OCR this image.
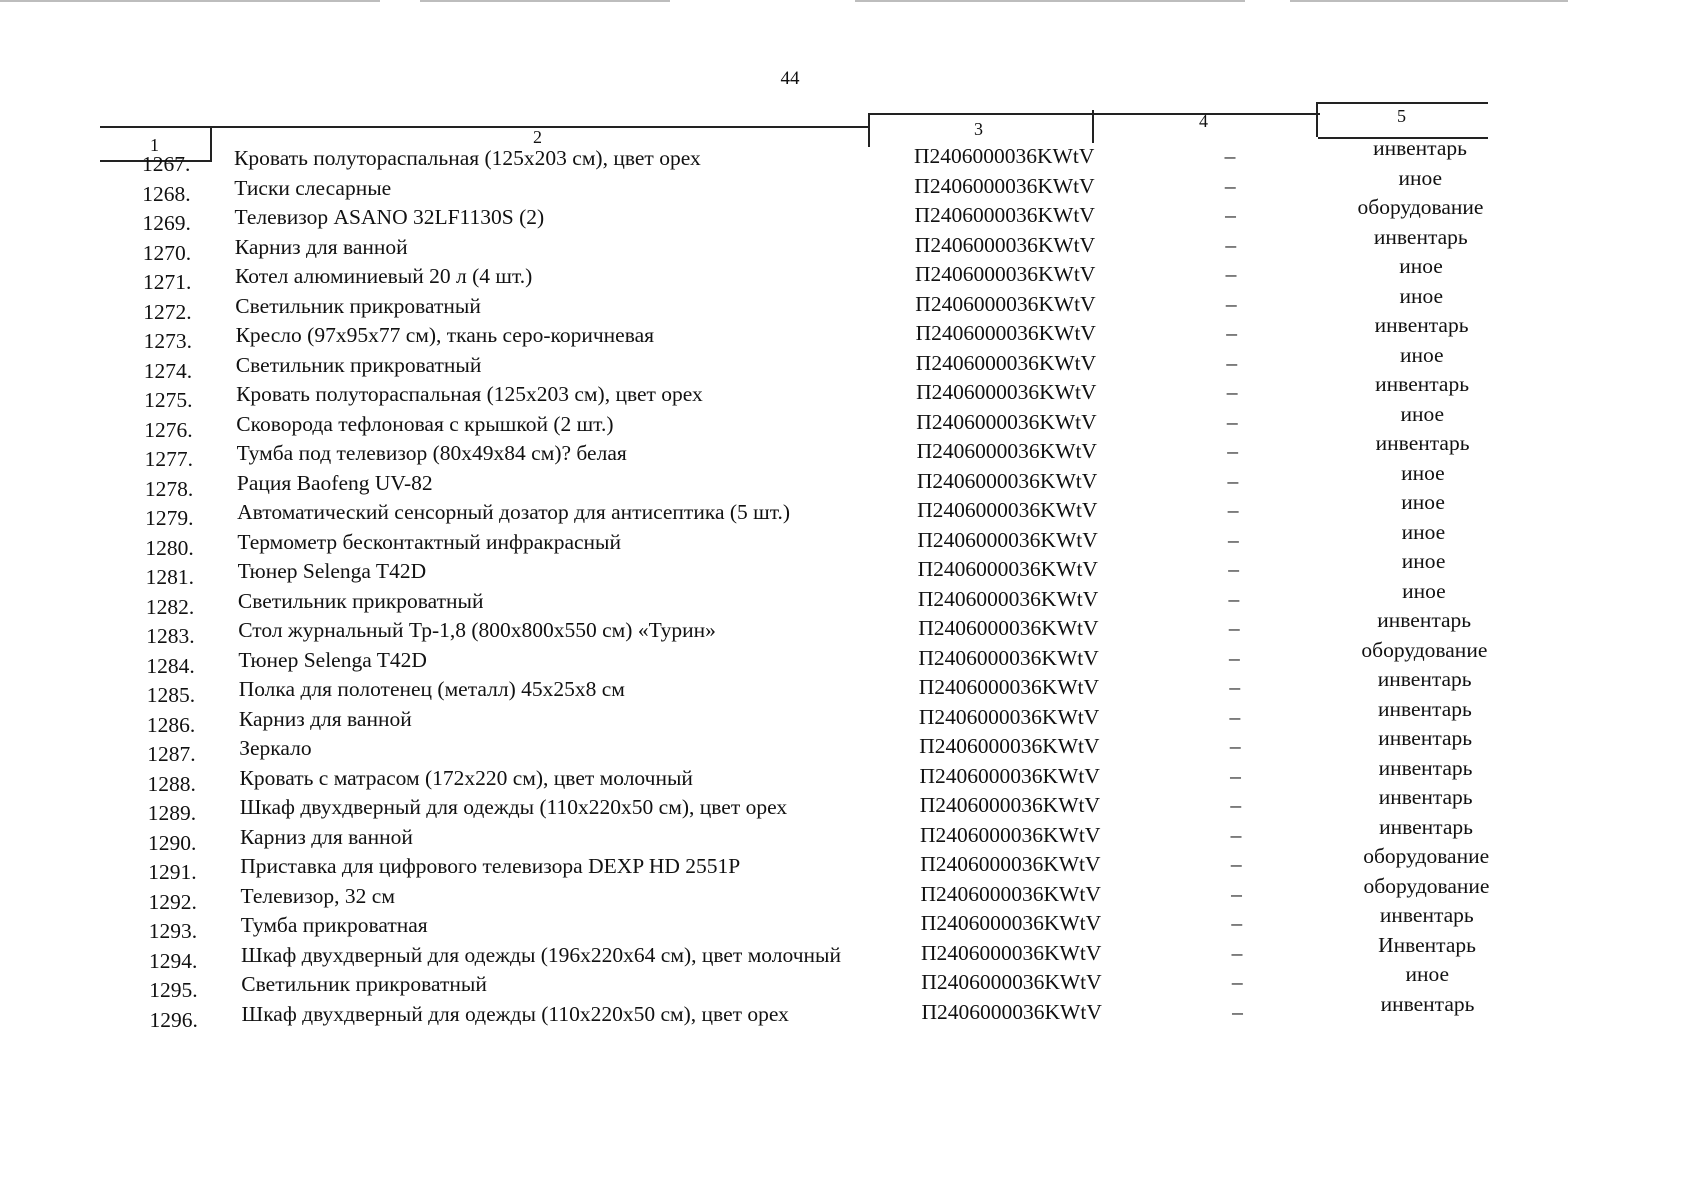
44
1	2	3	4	5
1267.	Кровать полутораспальная (125х203 см), цвет орех	П2406000036KWtV	–	инвентарь
1268.	Тиски слесарные	П2406000036KWtV	–	иное
1269.	Телевизор ASANO 32LF1130S (2)	П2406000036KWtV	–	оборудование
1270.	Карниз для ванной	П2406000036KWtV	–	инвентарь
1271.	Котел алюминиевый 20 л (4 шт.)	П2406000036KWtV	–	иное
1272.	Светильник прикроватный	П2406000036KWtV	–	иное
1273.	Кресло (97х95х77 см), ткань серо-коричневая	П2406000036KWtV	–	инвентарь
1274.	Светильник прикроватный	П2406000036KWtV	–	иное
1275.	Кровать полутораспальная (125х203 см), цвет орех	П2406000036KWtV	–	инвентарь
1276.	Сковорода тефлоновая с крышкой (2 шт.)	П2406000036KWtV	–	иное
1277.	Тумба под телевизор (80х49х84 см)? белая	П2406000036KWtV	–	инвентарь
1278.	Рация Baofeng UV-82	П2406000036KWtV	–	иное
1279.	Автоматический сенсорный дозатор для антисептика (5 шт.)	П2406000036KWtV	–	иное
1280.	Термометр бесконтактный инфракрасный	П2406000036KWtV	–	иное
1281.	Тюнер Selenga T42D	П2406000036KWtV	–	иное
1282.	Светильник прикроватный	П2406000036KWtV	–	иное
1283.	Стол журнальный Тр-1,8 (800х800х550 см) «Турин»	П2406000036KWtV	–	инвентарь
1284.	Тюнер Selenga T42D	П2406000036KWtV	–	оборудование
1285.	Полка для полотенец (металл) 45х25х8 см	П2406000036KWtV	–	инвентарь
1286.	Карниз для ванной	П2406000036KWtV	–	инвентарь
1287.	Зеркало	П2406000036KWtV	–	инвентарь
1288.	Кровать с матрасом (172х220 см), цвет молочный	П2406000036KWtV	–	инвентарь
1289.	Шкаф двухдверный для одежды (110х220х50 см), цвет орех	П2406000036KWtV	–	инвентарь
1290.	Карниз для ванной	П2406000036KWtV	–	инвентарь
1291.	Приставка для цифрового телевизора DEXP HD 2551P	П2406000036KWtV	–	оборудование
1292.	Телевизор, 32 см	П2406000036KWtV	–	оборудование
1293.	Тумба прикроватная	П2406000036KWtV	–	инвентарь
1294.	Шкаф двухдверный для одежды (196х220х64 см), цвет молочный	П2406000036KWtV	–	Инвентарь
1295.	Светильник прикроватный	П2406000036KWtV	–	иное
1296.	Шкаф двухдверный для одежды (110х220х50 см), цвет орех	П2406000036KWtV	–	инвентарь
